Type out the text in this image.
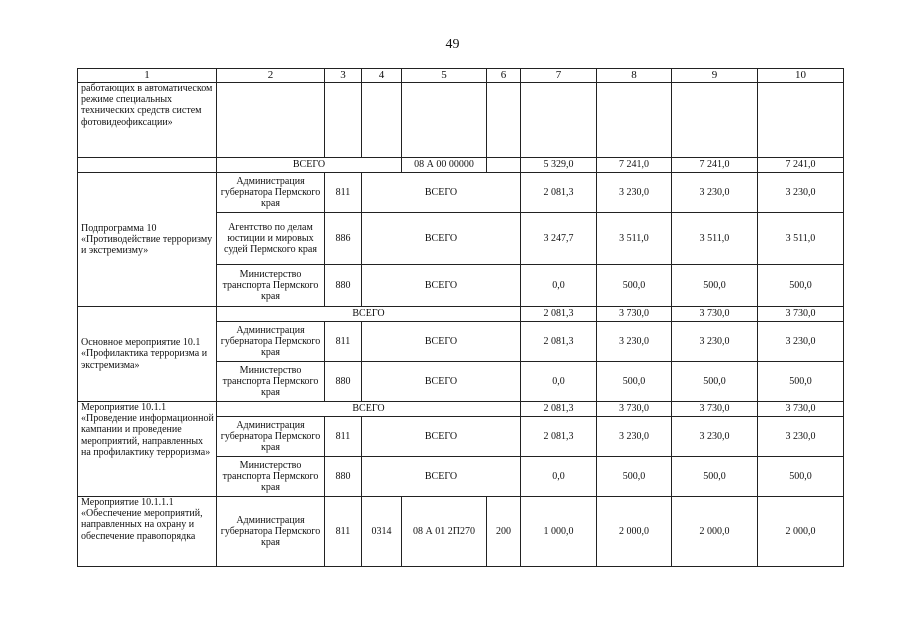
49
1	2	3	4	5	6	7	8	9	10
работающих в автоматическом режиме специальных технических средств систем фотовидеофиксации»									
	ВСЕГО			08 А 00 00000		5 329,0	7 241,0	7 241,0	7 241,0
Подпрограмма 10 «Противодействие терроризму и экстремизму»	Администрация губернатора Пермского края	811	ВСЕГО			2 081,3	3 230,0	3 230,0	3 230,0
	Агентство по делам юстиции и мировых судей Пермского края	886	ВСЕГО			3 247,7	3 511,0	3 511,0	3 511,0
	Министерство транспорта Пермского края	880	ВСЕГО			0,0	500,0	500,0	500,0
Основное мероприятие 10.1 «Профилактика терроризма и экстремизма»	ВСЕГО					2 081,3	3 730,0	3 730,0	3 730,0
	Администрация губернатора Пермского края	811	ВСЕГО			2 081,3	3 230,0	3 230,0	3 230,0
	Министерство транспорта Пермского края	880	ВСЕГО			0,0	500,0	500,0	500,0
Мероприятие 10.1.1 «Проведение информационной кампании и проведение мероприятий, направленных на профилактику терроризма»	ВСЕГО					2 081,3	3 730,0	3 730,0	3 730,0
	Администрация губернатора Пермского края	811	ВСЕГО			2 081,3	3 230,0	3 230,0	3 230,0
	Министерство транспорта Пермского края	880	ВСЕГО			0,0	500,0	500,0	500,0
Мероприятие 10.1.1.1 «Обеспечение мероприятий, направленных на охрану и обеспечение правопорядка	Администрация губернатора Пермского края	811	0314	08 А 01 2П270	200	1 000,0	2 000,0	2 000,0	2 000,0
